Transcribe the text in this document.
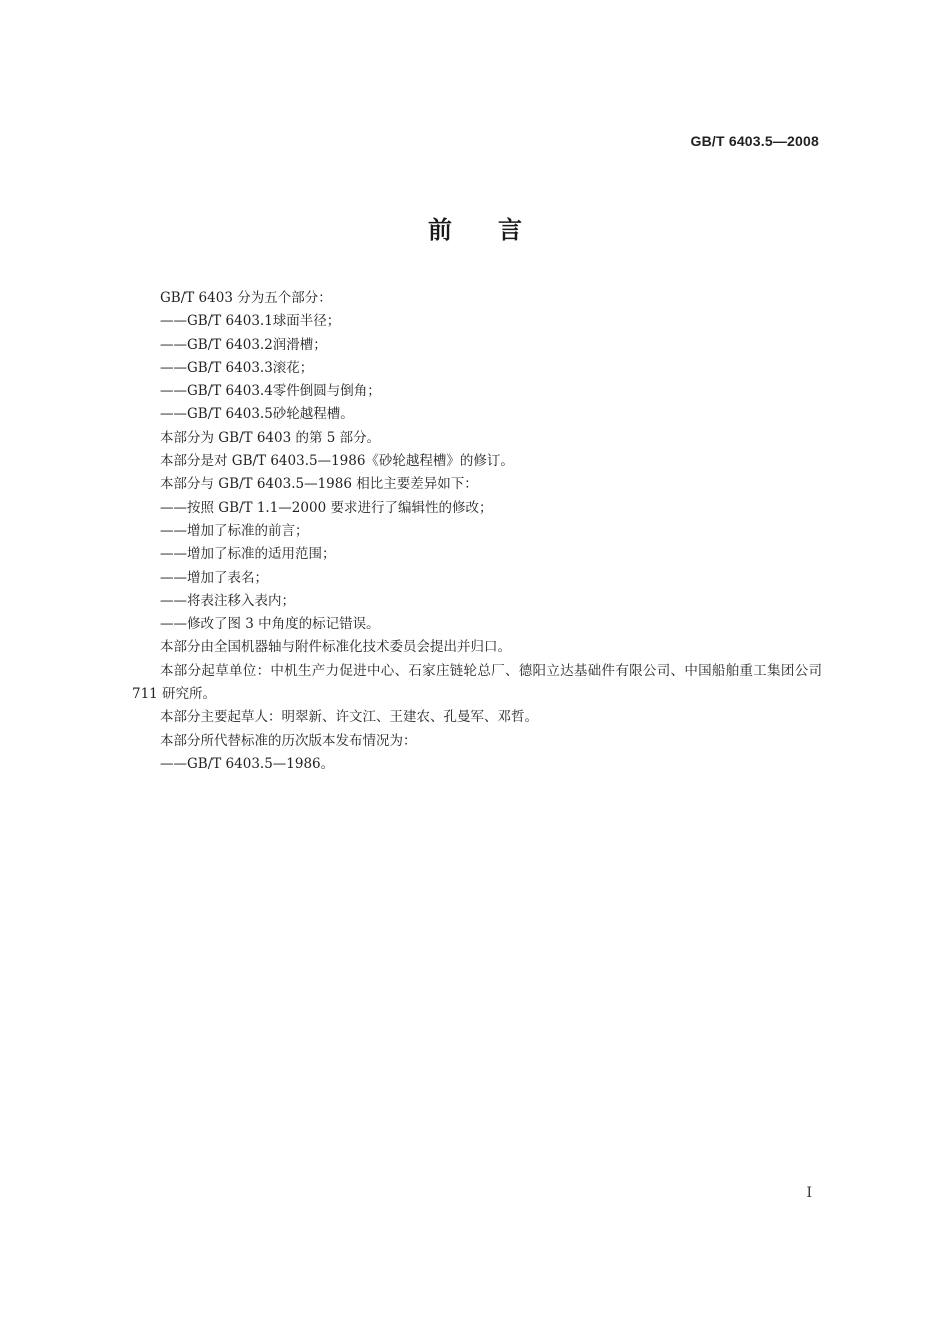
GB/T 6403.5—2008
前言

GB/T 6403 分为五个部分：

——GB/T 6403.1球面半径；

——GB/T 6403.2润滑槽；

——GB/T 6403.3滚花；

——GB/T 6403.4零件倒圆与倒角；

——GB/T 6403.5砂轮越程槽。

本部分为 GB/T 6403 的第 5 部分。

本部分是对 GB/T 6403.5—1986《砂轮越程槽》的修订。

本部分与 GB/T 6403.5—1986 相比主要差异如下：

——按照 GB/T 1.1—2000 要求进行了编辑性的修改；

——增加了标准的前言；

——增加了标准的适用范围；

——增加了表名；

——将表注移入表内；

——修改了图 3 中角度的标记错误。

本部分由全国机器轴与附件标准化技术委员会提出并归口。

本部分起草单位：中机生产力促进中心、石家庄链轮总厂、德阳立达基础件有限公司、中国船舶重工集团公司 711 研究所。

本部分主要起草人：明翠新、许文江、王建农、孔曼军、邓哲。

本部分所代替标准的历次版本发布情况为：

——GB/T 6403.5—1986。

I
